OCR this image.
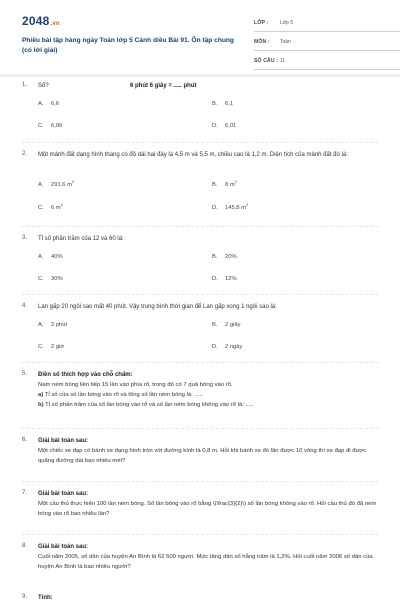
2048.vn
Phiếu bài tập hàng ngày Toán lớp 5 Cánh diều Bài 91. Ôn tập chung (có lời giải)
LỚP : Lớp 5
MÔN : Toán
SỐ CÂU : 11
1. Số?	6 phút 6 giây = ..... phút
A. 6,6	B. 6,1
C. 6,06	D. 6,01
2. Một mảnh đất dạng hình thang có độ dài hai đáy là 4,5 m và 5,5 m, chiều cao là 1,2 m. Diện tích của mảnh đất đó là:
A. 291,6 $m^2$
B. 8 $m^2$
C. 6 $m^2$
D. 145,8 $m^2$
3. Tỉ số phần trăm của 12 và 60 là:
A. 40%	B. 20%
C. 30%	D. 12%
4. Lan gấp 20 ngôi sao mất 40 phút. Vậy trung bình thời gian để Lan gấp xong 1 ngôi sao là:
A. 2 phút	B. 2 giây
C. 2 giờ	D. 2 ngày
5. Điền số thích hợp vào chỗ chấm:
Nam ném bóng liên tiếp 15 lần vào phía rổ, trong đó có 7 quả bóng vào rổ.
a) Tỉ số của số lần bóng vào rổ và tổng số lần ném bóng là: .....
b) Tỉ số phần trăm của số lần bóng vào rổ và số lần ném bóng không vào rổ là: .....
6. Giải bài toán sau:
Một chiếc xe đạp có bánh xe dạng hình tròn với đường kính là 0,8 m. Hỏi khi bánh xe đó lăn được 10 vòng thì xe đạp đi được quãng đường dài bao nhiêu mét?
7. Giải bài toán sau:
Một cầu thủ thực hiện 100 lần ném bóng. Số lần bóng vào rổ bằng \(\frac{3}{2}\) số lần bóng không vào rổ. Hỏi cầu thủ đó đã ném bóng vào rổ bao nhiêu lần?
8. Giải bài toán sau:
Cuối năm 2005, số dân của huyện An Bình là 62 500 người. Mức tăng dân số hằng năm là 1,2%. Hỏi cuối năm 2006 số dân của huyện An Bình là bao nhiêu người?
9. Tính:
